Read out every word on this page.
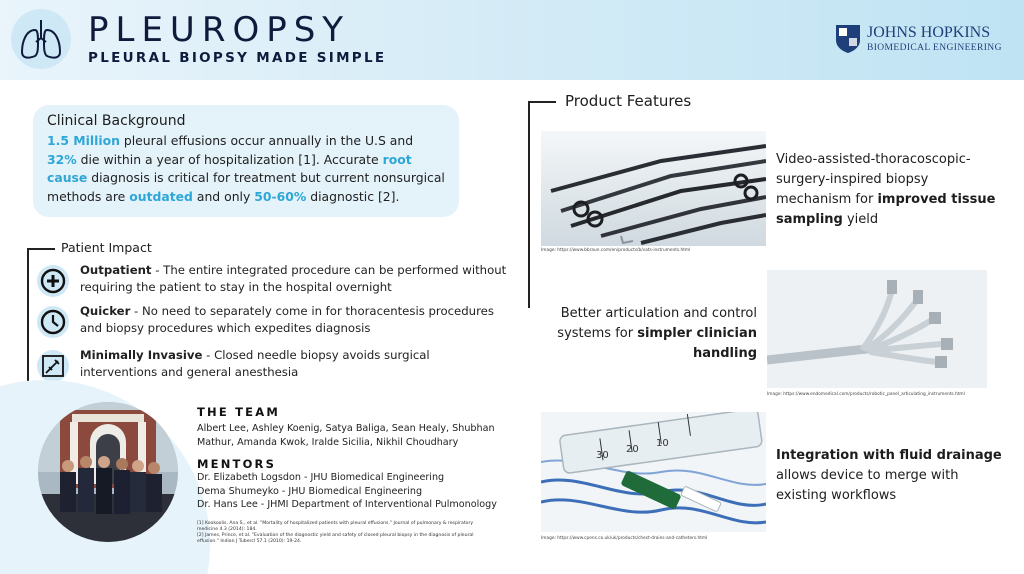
PLEUROPSY
PLEURAL BIOPSY MADE SIMPLE
JOHNS HOPKINS
BIOMEDICAL ENGINEERING
Clinical Background

1.5 Million pleural effusions occur annually in the U.S and 32% die within a year of hospitalization [1]. Accurate root cause diagnosis is critical for treatment but current nonsurgical methods are outdated and only 50-60% diagnostic [2].

Patient Impact
Outpatient - The entire integrated procedure can be performed without requiring the patient to stay in the hospital overnight
Quicker - No need to separately come in for thoracentesis procedures and biopsy procedures which expedites diagnosis
Minimally Invasive - Closed needle biopsy avoids surgical interventions and general anesthesia
THE TEAM
Albert Lee, Ashley Koenig, Satya Baliga, Sean Healy, Shubhan Mathur, Amanda Kwok, Iralde Sicilia, Nikhil Choudhary
MENTORS
Dr. Elizabeth Logsdon - JHU Biomedical Engineering
Dema Shumeyko - JHU Biomedical Engineering
Dr. Hans Lee - JHMI Department of Interventional Pulmonology
[1] Kookoolis, Ana S., et al. "Mortality of hospitalized patients with pleural effusions." Journal of pulmonary & respiratory medicine 4.3 (2014): 184.
[2] James, Prince, et al. "Evaluation of the diagnostic yield and safety of closed pleural biopsy in the diagnosis of pleural effusion." Indian J Tubercl 57.1 (2010): 19-24.
Product Features
Image: https://www.bbraun.com/en/products/b/vats-instruments.html
Video-assisted-thoracoscopic-surgery-inspired biopsy mechanism for improved tissue sampling yield
Image: https://www.endomedical.com/products/robotic_panel_articulating_instruments.html
Better articulation and control systems for simpler clinician handling
30
20
10
Image: https://www.cpens.co.uk/uk/products/chest-drains-and-catheters.html
Integration with fluid drainage allows device to merge with existing workflows
